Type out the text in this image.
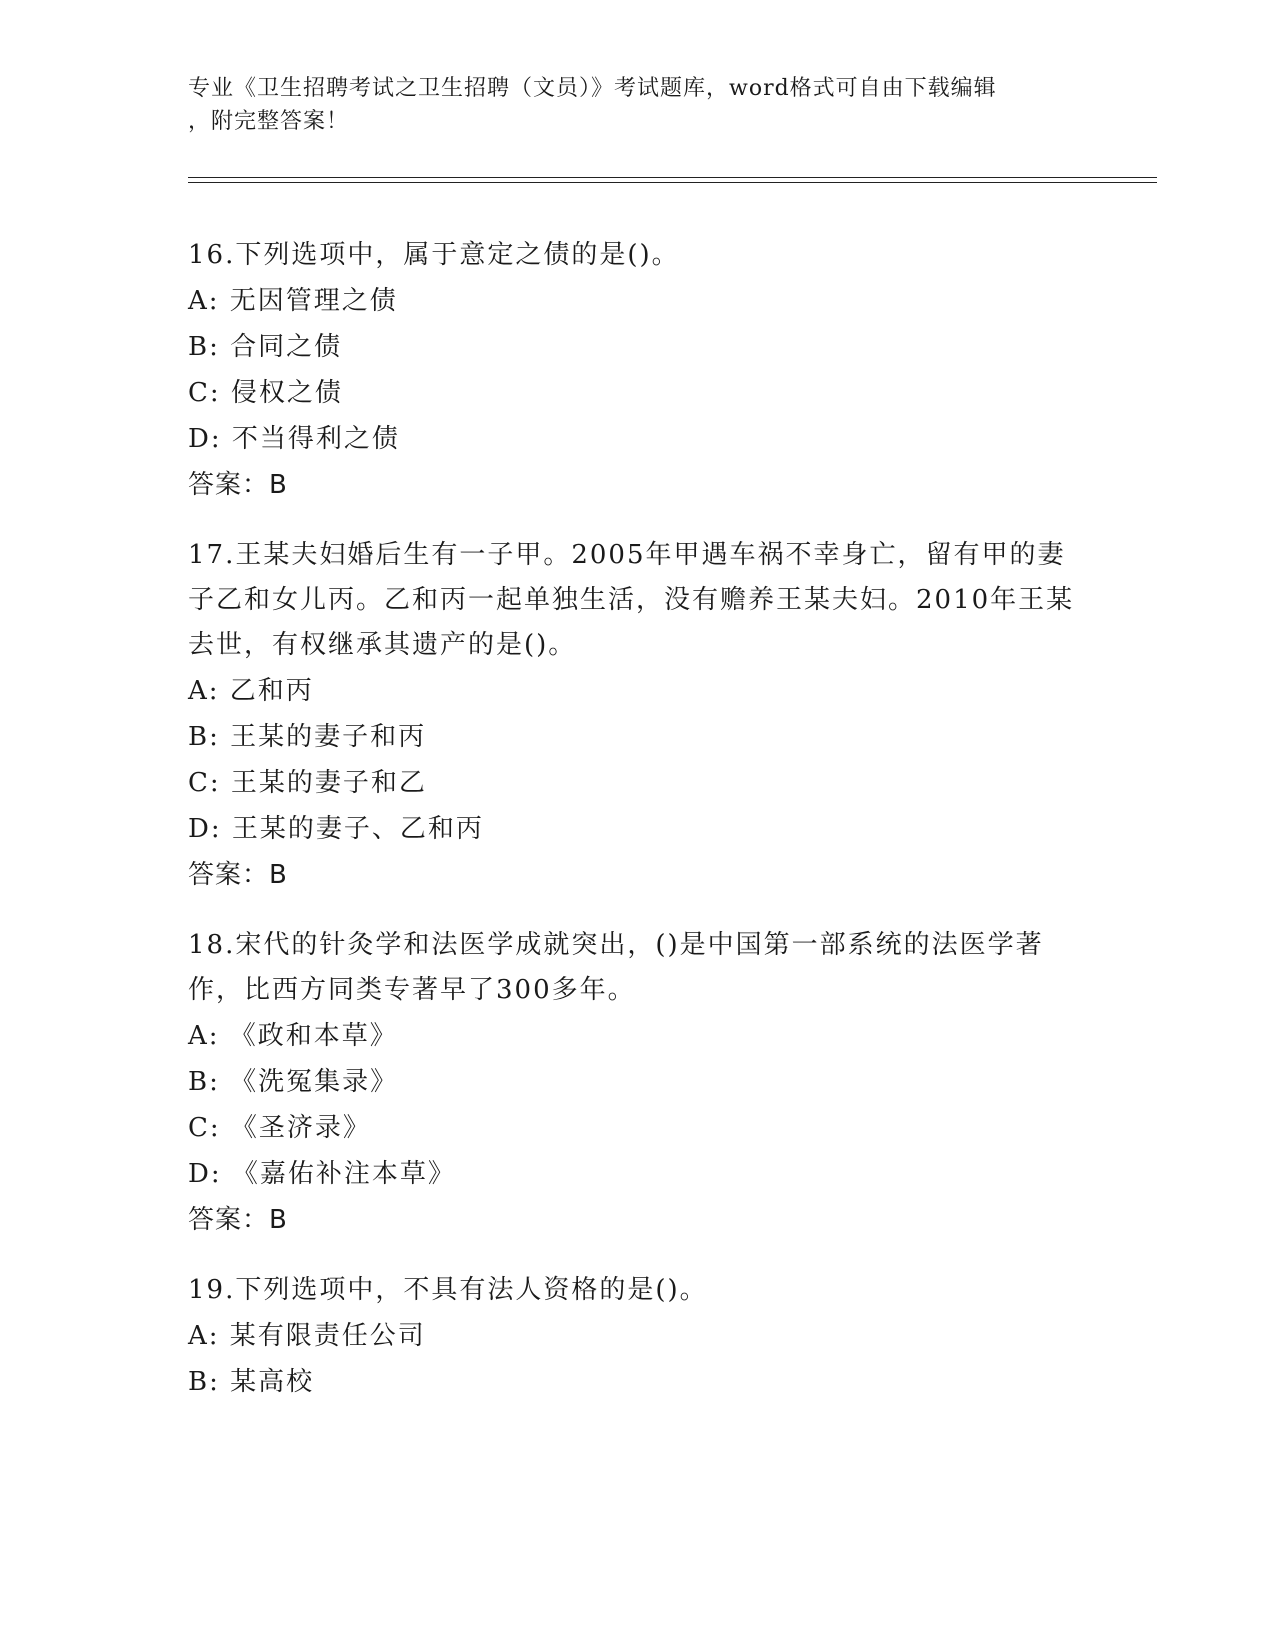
专业《卫生招聘考试之卫生招聘（文员）》考试题库，word格式可自由下载编辑
，附完整答案！
16.下列选项中，属于意定之债的是()。
A: 无因管理之债
B: 合同之债
C: 侵权之债
D: 不当得利之债
答案：B
17.王某夫妇婚后生有一子甲。2005年甲遇车祸不幸身亡，留有甲的妻子乙和女儿丙。乙和丙一起单独生活，没有赡养王某夫妇。2010年王某去世，有权继承其遗产的是()。
A: 乙和丙
B: 王某的妻子和丙
C: 王某的妻子和乙
D: 王某的妻子、乙和丙
答案：B
18.宋代的针灸学和法医学成就突出，()是中国第一部系统的法医学著作，比西方同类专著早了300多年。
A: 《政和本草》
B: 《洗冤集录》
C: 《圣济录》
D: 《嘉佑补注本草》
答案：B
19.下列选项中，不具有法人资格的是()。
A: 某有限责任公司
B: 某高校
